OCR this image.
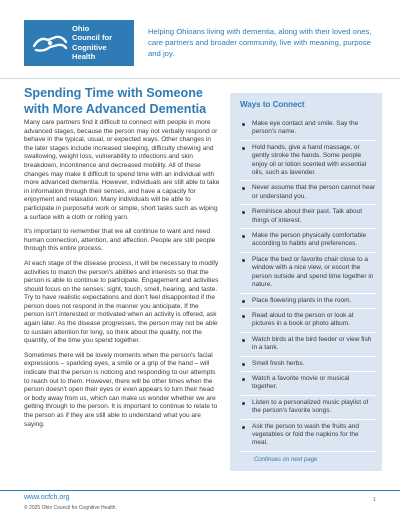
Ohio
Council for
Cognitive
Health
Helping Ohioans living with dementia, along with their loved ones, care partners and broader community, live with meaning, purpose and joy.
Spending Time with Someone with More Advanced Dementia

Many care partners find it difficult to connect with people in more advanced stages, because the person may not verbally respond or behave in the typical, usual, or expected ways. Other changes in the later stages include increased sleeping, difficulty chewing and swallowing, weight loss, vulnerability to infections and skin breakdown, incontinence and decreased mobility. All of these changes may make it difficult to spend time with an individual with more advanced dementia. However, individuals are still able to take in information through their senses, and have a capacity for enjoyment and relaxation. Many individuals will be able to participate in purposeful work or simple, short tasks such as wiping a surface with a cloth or rolling yarn.

It's important to remember that we all continue to want and need human connection, attention, and affection. People are still people through this entire process.

At each stage of the disease process, it will be necessary to modify activities to match the person's abilities and interests so that the person is able to continue to participate. Engagement and activities should focus on the senses: sight, touch, smell, hearing, and taste. Try to have realistic expectations and don't feel disappointed if the person does not respond in the manner you anticipate. If the person isn't interested or motivated when an activity is offered, ask again later. As the disease progresses, the person may not be able to sustain attention for long, so think about the quality, not the quantity, of the time you spend together.

Sometimes there will be lovely moments when the person's facial expressions – sparkling eyes, a smile or a grip of the hand – will indicate that the person is noticing and responding to our attempts to reach out to them. However, there will be other times when the person doesn't open their eyes or even appears to turn their head or body away from us, which can make us wonder whether we are getting through to the person. It is important to continue to relate to the person as if they are still able to understand what you are saying.

Ways to Connect
Make eye contact and smile. Say the person's name.
Hold hands, give a hand massage, or gently stroke the hands. Some people enjoy oil or lotion scented with essential oils, such as lavender.
Never assume that the person cannot hear or understand you.
Reminisce about their past. Talk about things of interest.
Make the person physically comfortable according to habits and preferences.
Place the bed or favorite chair close to a window with a nice view, or escort the person outside and spend time together in nature.
Place flowering plants in the room.
Read aloud to the person or look at pictures in a book or photo album.
Watch birds at the bird feeder or view fish in a tank.
Smell fresh herbs.
Watch a favorite movie or musical together.
Listen to a personalized music playlist of the person's favorite songs.
Ask the person to wash the fruits and vegetables or fold the napkins for the meal.
Continues on next page
www.ocfch.org
© 2025 Ohio Council for Cognitive Health
1
